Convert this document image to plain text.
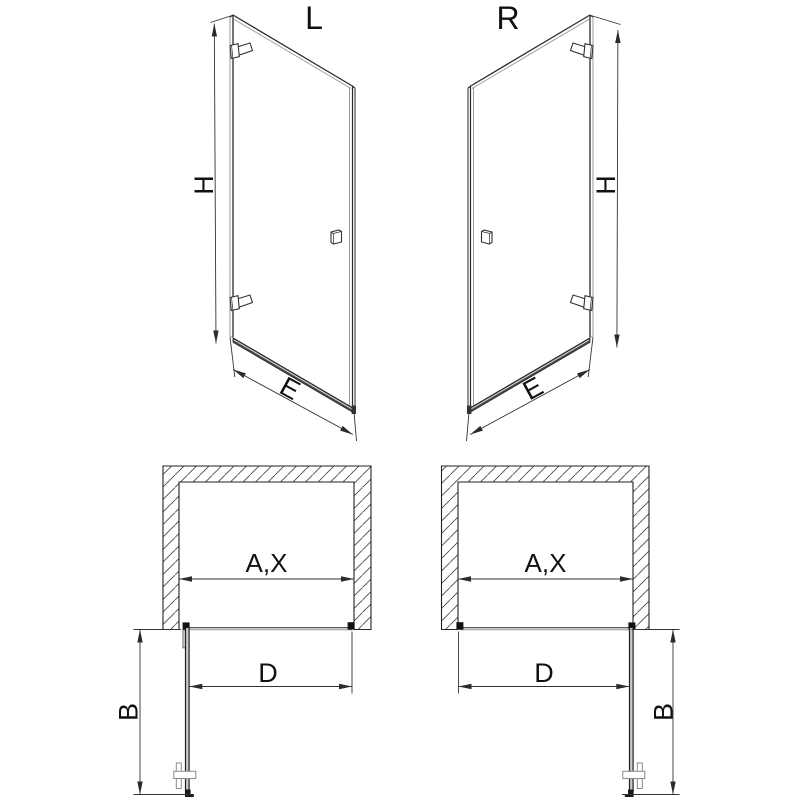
L
H
E
R
H
E
A,X
D
B
A,X
D
B
